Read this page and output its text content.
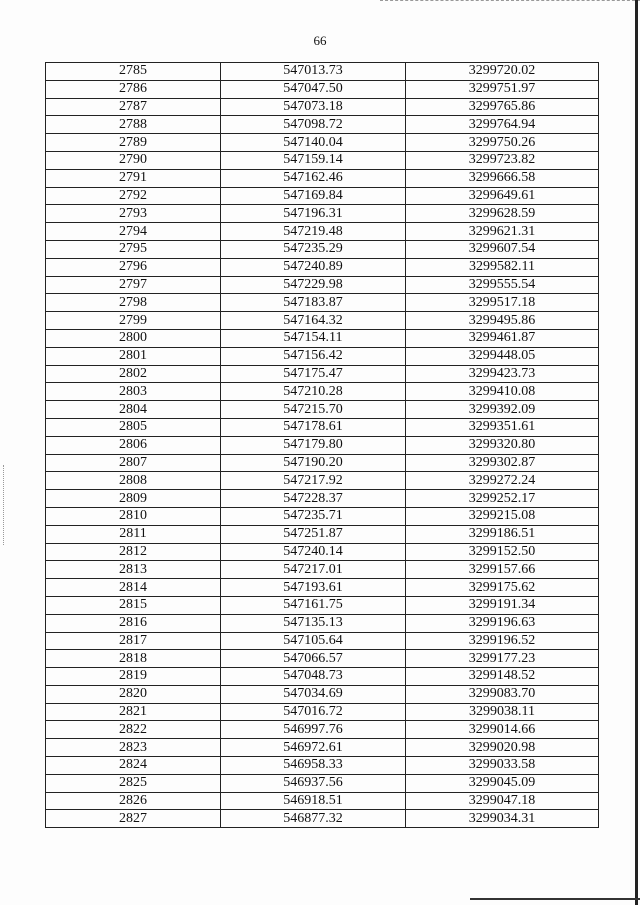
66
2785	547013.73	3299720.02
2786	547047.50	3299751.97
2787	547073.18	3299765.86
2788	547098.72	3299764.94
2789	547140.04	3299750.26
2790	547159.14	3299723.82
2791	547162.46	3299666.58
2792	547169.84	3299649.61
2793	547196.31	3299628.59
2794	547219.48	3299621.31
2795	547235.29	3299607.54
2796	547240.89	3299582.11
2797	547229.98	3299555.54
2798	547183.87	3299517.18
2799	547164.32	3299495.86
2800	547154.11	3299461.87
2801	547156.42	3299448.05
2802	547175.47	3299423.73
2803	547210.28	3299410.08
2804	547215.70	3299392.09
2805	547178.61	3299351.61
2806	547179.80	3299320.80
2807	547190.20	3299302.87
2808	547217.92	3299272.24
2809	547228.37	3299252.17
2810	547235.71	3299215.08
2811	547251.87	3299186.51
2812	547240.14	3299152.50
2813	547217.01	3299157.66
2814	547193.61	3299175.62
2815	547161.75	3299191.34
2816	547135.13	3299196.63
2817	547105.64	3299196.52
2818	547066.57	3299177.23
2819	547048.73	3299148.52
2820	547034.69	3299083.70
2821	547016.72	3299038.11
2822	546997.76	3299014.66
2823	546972.61	3299020.98
2824	546958.33	3299033.58
2825	546937.56	3299045.09
2826	546918.51	3299047.18
2827	546877.32	3299034.31
